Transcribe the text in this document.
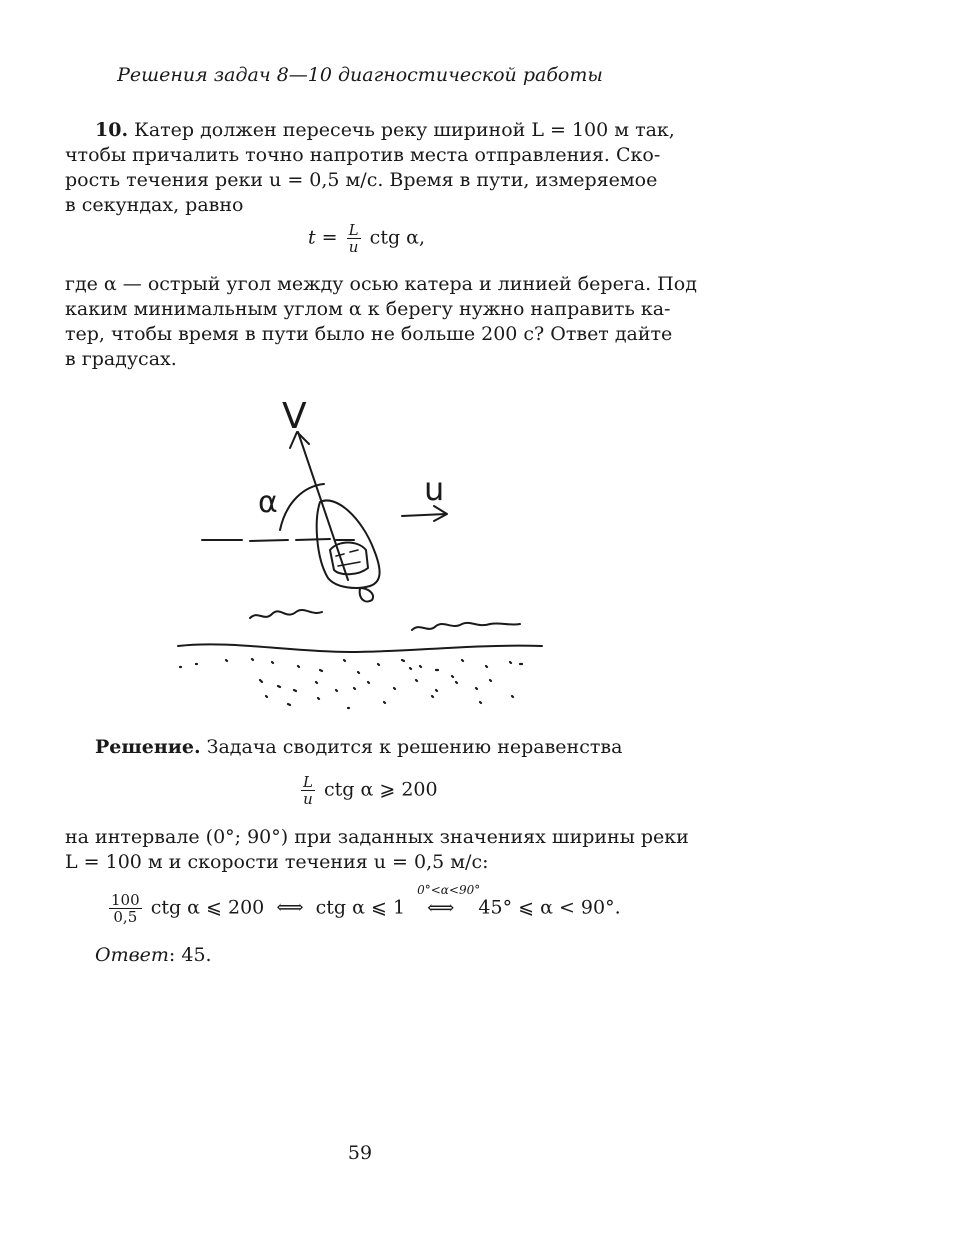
Решения задач 8—10 диагностической работы
10. Катер должен пересечь реку шириной L = 100 м так,
чтобы причалить точно напротив места отправления. Ско-
рость течения реки u = 0,5 м/с. Время в пути, измеряемое
в секундах, равно
$t = \frac{L}{u}$ ctg α,
где α — острый угол между осью катера и линией берега. Под
каким минимальным углом α к берегу нужно направить ка-
тер, чтобы время в пути было не больше 200 с? Ответ дайте
в градусах.
V
α	u
Решение. Задача сводится к решению неравенства
$\frac{L}{u}$ ctg α ⩾ 200
на интервале (0°; 90°) при заданных значениях ширины реки
L = 100 м и скорости течения u = 0,5 м/с:
$\frac{100}{0,5}$ ctg α ⩽ 200  ⟺  ctg α ⩽ 1
0°<α<90°
⟺ 45° ⩽ α < 90°.
Ответ: 45.
59
